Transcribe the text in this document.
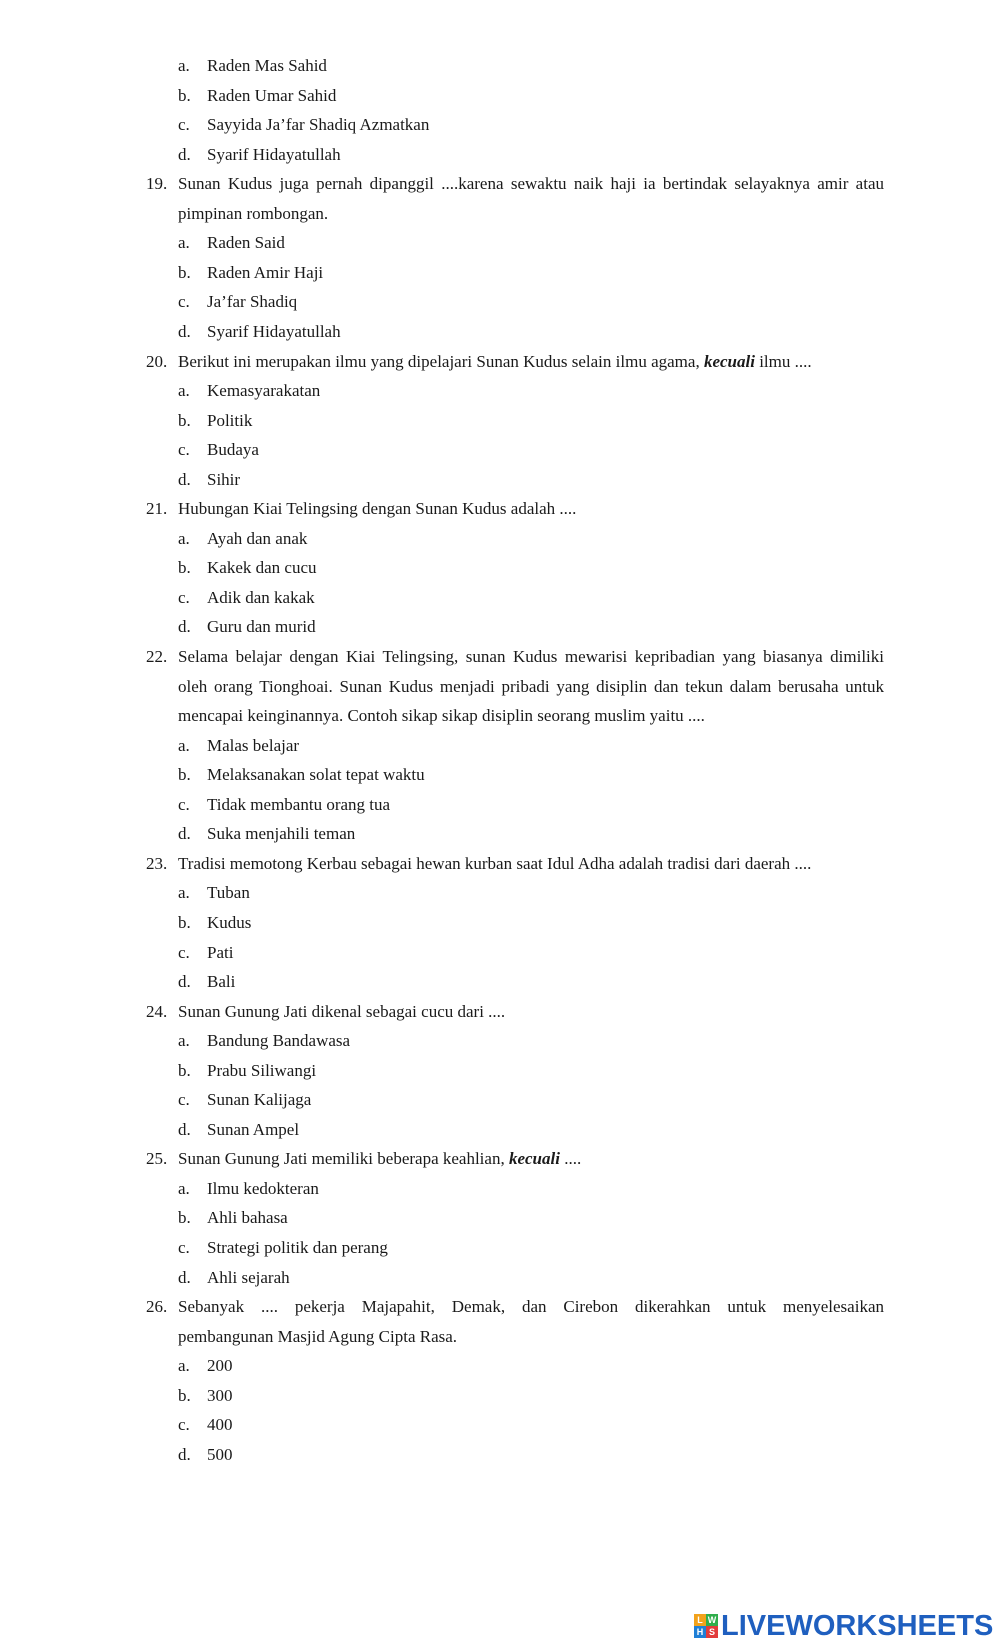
a.	Raden Mas Sahid
b. Raden Umar Sahid
c.	Sayyida Ja’far Shadiq Azmatkan
d. Syarif Hidayatullah
19. Sunan Kudus juga pernah dipanggil ....karena sewaktu naik haji ia bertindak selayaknya amir atau
pimpinan rombongan.
a.	Raden Said
b. Raden Amir Haji
c.	Ja’far Shadiq
d. Syarif Hidayatullah
20. Berikut ini merupakan ilmu yang dipelajari Sunan Kudus selain ilmu agama, kecuali ilmu ....
a.	Kemasyarakatan
b. Politik
c.	Budaya
d. Sihir
21. Hubungan Kiai Telingsing dengan Sunan Kudus adalah ....
a.	Ayah dan anak
b. Kakek dan cucu
c.	Adik dan kakak
d. Guru dan murid
22. Selama belajar dengan Kiai Telingsing, sunan Kudus mewarisi kepribadian yang biasanya dimiliki
oleh orang Tionghoai. Sunan Kudus menjadi pribadi yang disiplin dan tekun dalam berusaha untuk
mencapai keinginannya. Contoh sikap sikap disiplin seorang muslim yaitu ....
a.	Malas belajar
b. Melaksanakan solat tepat waktu
c.	Tidak membantu orang tua
d. Suka menjahili teman
23. Tradisi memotong Kerbau sebagai hewan kurban saat Idul Adha adalah tradisi dari daerah ....
a.	Tuban
b. Kudus
c.	Pati
d. Bali
24. Sunan Gunung Jati dikenal sebagai cucu dari ....
a.	Bandung Bandawasa
b. Prabu Siliwangi
c.	Sunan Kalijaga
d. Sunan Ampel
25. Sunan Gunung Jati memiliki beberapa keahlian, kecuali ....
a.	Ilmu kedokteran
b. Ahli bahasa
c.	Strategi politik dan perang
d. Ahli sejarah
26. Sebanyak .... pekerja Majapahit, Demak, dan Cirebon dikerahkan untuk menyelesaikan
pembangunan Masjid Agung Cipta Rasa.
a.	200
b. 300
c.	400
d. 500
L W
H S LIVEWORKSHEETS
